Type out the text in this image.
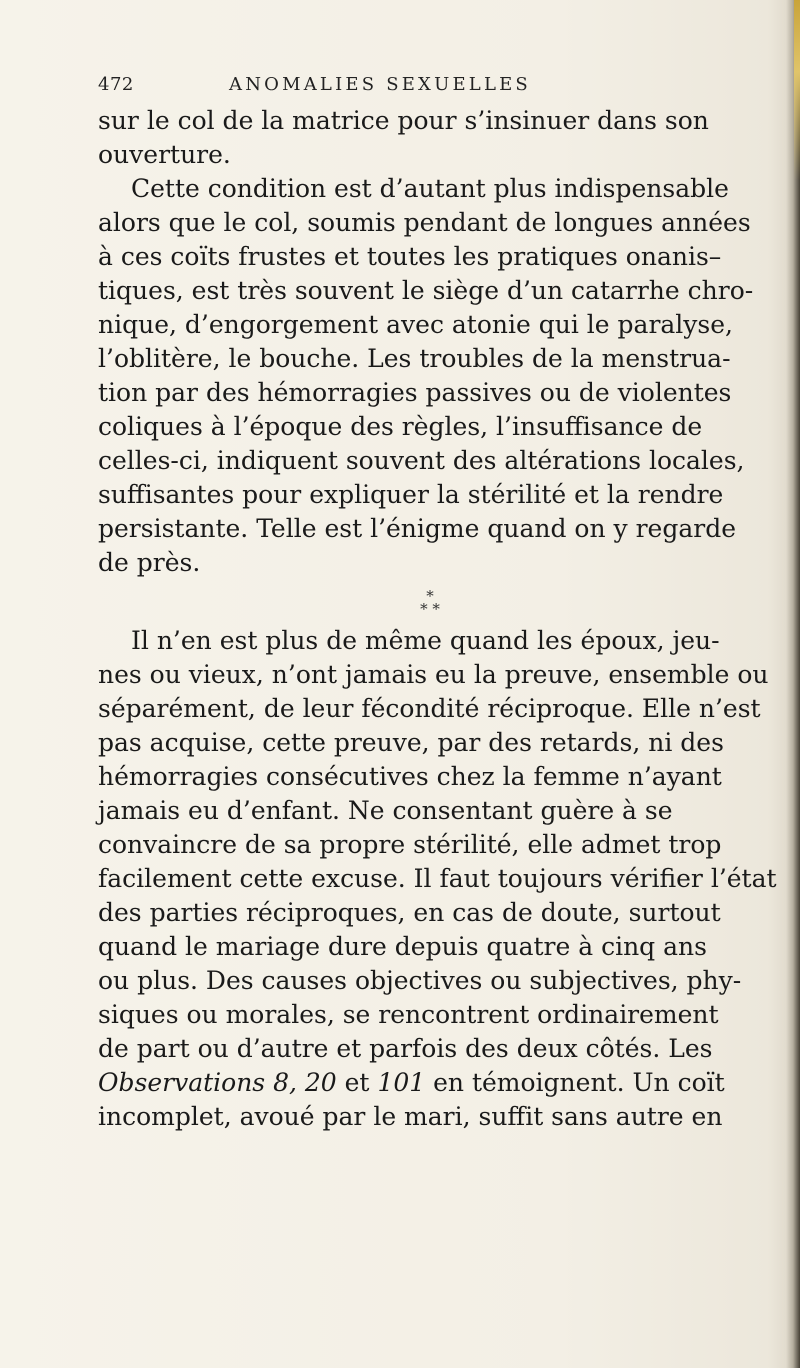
472	ANOMALIES SEXUELLES
sur le col de la matrice pour s’insinuer dans son
ouverture.
Cette condition est d’autant plus indispensable
alors que le col, soumis pendant de longues années
à ces coïts frustes et toutes les pratiques onanis–
tiques, est très souvent le siège d’un catarrhe chro-
nique, d’engorgement avec atonie qui le paralyse,
l’oblitère, le bouche. Les troubles de la menstrua-
tion par des hémorragies passives ou de violentes
coliques à l’époque des règles, l’insuffisance de
celles-ci, indiquent souvent des altérations locales,
suffisantes pour expliquer la stérilité et la rendre
persistante. Telle est l’énigme quand on y regarde
de près.
*
* *
Il n’en est plus de même quand les époux, jeu-
nes ou vieux, n’ont jamais eu la preuve, ensemble ou
séparément, de leur fécondité réciproque. Elle n’est
pas acquise, cette preuve, par des retards, ni des
hémorragies consécutives chez la femme n’ayant
jamais eu d’enfant. Ne consentant guère à se
convaincre de sa propre stérilité, elle admet trop
facilement cette excuse. Il faut toujours vérifier l’état
des parties réciproques, en cas de doute, surtout
quand le mariage dure depuis quatre à cinq ans
ou plus. Des causes objectives ou subjectives, phy-
siques ou morales, se rencontrent ordinairement
de part ou d’autre et parfois des deux côtés. Les
Observations 8, 20 et 101 en témoignent. Un coït
incomplet, avoué par le mari, suffit sans autre en
